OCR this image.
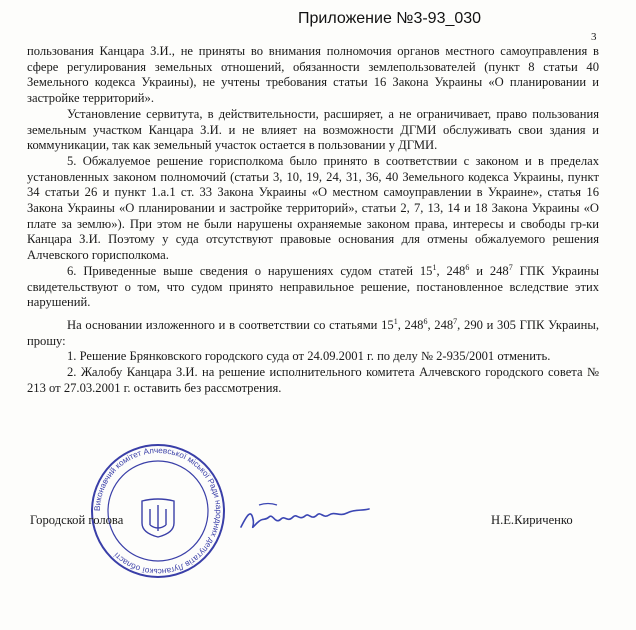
Приложение №3-93_030
3

пользования Канцара З.И., не приняты во внимания полномочия органов местного самоуправления в сфере регулирования земельных отношений, обязанности землепользователей (пункт 8 статьи 40 Земельного кодекса Украины), не учтены требования статьи 16 Закона Украины «О планировании и застройке территорий».

Установление сервитута, в действительности, расширяет, а не ограничивает, право пользования земельным участком Канцара З.И. и не влияет на возможности ДГМИ обслуживать свои здания и коммуникации, так как земельный участок остается в пользовании у ДГМИ.

5. Обжалуемое решение горисполкома было принято в соответствии с законом и в пределах установленных законом полномочий (статьи 3, 10, 19, 24, 31, 36, 40 Земельного кодекса Украины, пункт 34 статьи 26 и пункт 1.а.1 ст. 33 Закона Украины «О местном самоуправлении в Украине», статья 16 Закона Украины «О планировании и застройке территорий», статьи 2, 7, 13, 14 и 18 Закона Украины «О плате за землю»). При этом не были нарушены охраняемые законом права, интересы и свободы гр-ки Канцара З.И. Поэтому у суда отсутствуют правовые основания для отмены обжалуемого решения Алчевского горисполкома.

6. Приведенные выше сведения о нарушениях судом статей $15^1$, $248^6$ и $248^7$ ГПК Украины свидетельствуют о том, что судом принято неправильное решение, постановленное вследствие этих нарушений.

На основании изложенного и в соответствии со статьями $15^1$, $248^6$, $248^7$, 290 и 305 ГПК Украины, прошу:

1. Решение Брянковского городского суда от 24.09.2001 г. по делу № 2-935/2001 отменить.

2. Жалобу Канцара З.И. на решение исполнительного комитета Алчевского городского совета № 213 от 27.03.2001 г. оставить без рассмотрения.

Виконавчий комітет Алчевської міської Ради народних депутатів Луганської області
Городской голова	Н.Е.Кириченко
